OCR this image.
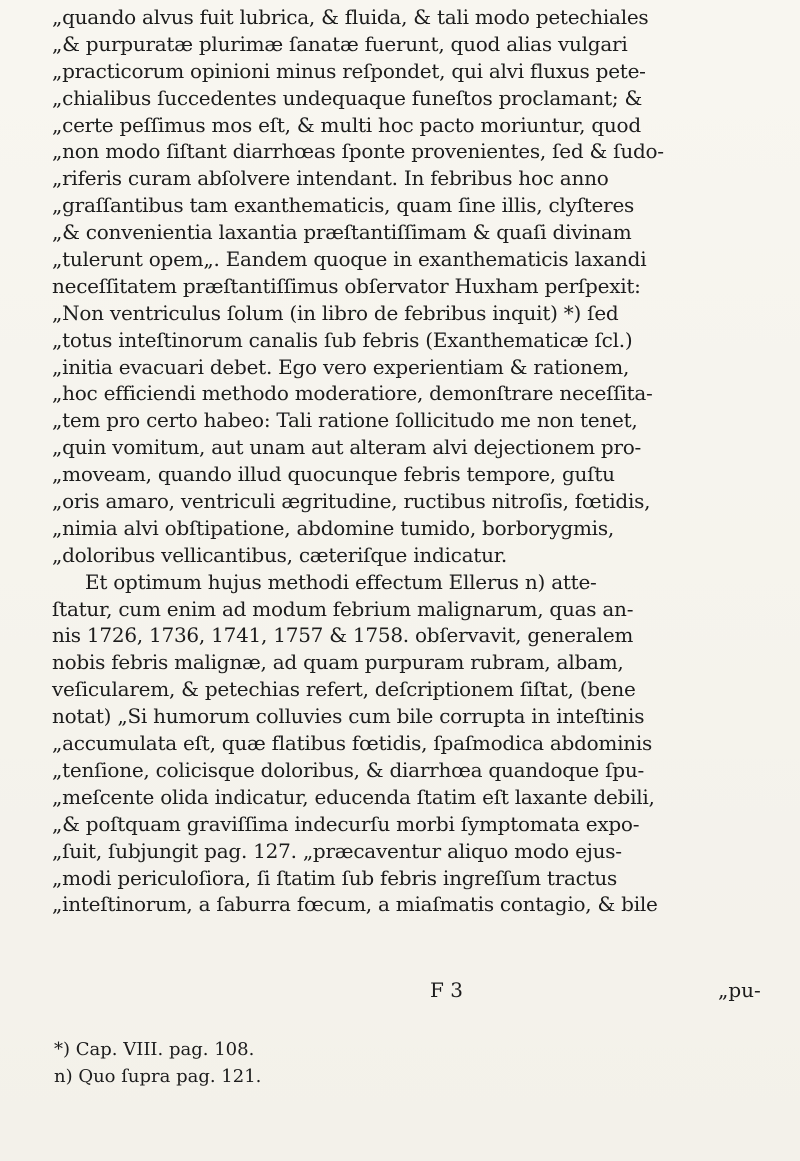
„quando alvus fuit lubrica, & fluida, & tali modo petechiales
„& purpuratæ plurimæ ſanatæ fuerunt, quod alias vulgari
„practicorum opinioni minus reſpondet, qui alvi fluxus pete-
„chialibus ſuccedentes undequaque funeſtos proclamant; &
„certe peſſimus mos eſt, & multi hoc pacto moriuntur, quod
„non modo ſiſtant diarrhœas ſponte provenientes, ſed & ſudo-
„riferis curam abſolvere intendant. In febribus hoc anno
„graſſantibus tam exanthematicis, quam ſine illis, clyſteres
„& convenientia laxantia præſtantiſſimam & quaſi divinam
„tulerunt opem„. Eandem quoque in exanthematicis laxandi
neceſſitatem præſtantiſſimus obſervator Huxham perſpexit:
„Non ventriculus ſolum (in libro de febribus inquit) *) ſed
„totus inteſtinorum canalis ſub febris (Exanthematicæ ſcl.)
„initia evacuari debet. Ego vero experientiam & rationem,
„hoc efficiendi methodo moderatiore, demonſtrare neceſſita-
„tem pro certo habeo: Tali ratione ſollicitudo me non tenet,
„quin vomitum, aut unam aut alteram alvi dejectionem pro-
„moveam, quando illud quocunque febris tempore, guſtu
„oris amaro, ventriculi ægritudine, ructibus nitroſis, fœtidis,
„nimia alvi obſtipatione, abdomine tumido, borborygmis,
„doloribus vellicantibus, cæteriſque indicatur.
Et optimum hujus methodi effectum Ellerus n) atte-
ſtatur, cum enim ad modum febrium malignarum, quas an-
nis 1726, 1736, 1741, 1757 & 1758. obſervavit, generalem
nobis febris malignæ, ad quam purpuram rubram, albam,
veſicularem, & petechias refert, deſcriptionem ſiſtat, (bene
notat) „Si humorum colluvies cum bile corrupta in inteſtinis
„accumulata eſt, quæ flatibus fœtidis, ſpaſmodica abdominis
„tenſione, colicisque doloribus, & diarrhœa quandoque ſpu-
„meſcente olida indicatur, educenda ſtatim eſt laxante debili,
„& poſtquam graviſſima indecurſu morbi ſymptomata expo-
„ſuit, ſubjungit pag. 127. „præcaventur aliquo modo ejus-
„modi periculoſiora, ſi ſtatim ſub febris ingreſſum tractus
„inteſtinorum, a ſaburra fœcum, a miaſmatis contagio, & bile
F 3	„pu-
*) Cap. VIII. pag. 108.
n) Quo ſupra pag. 121.
